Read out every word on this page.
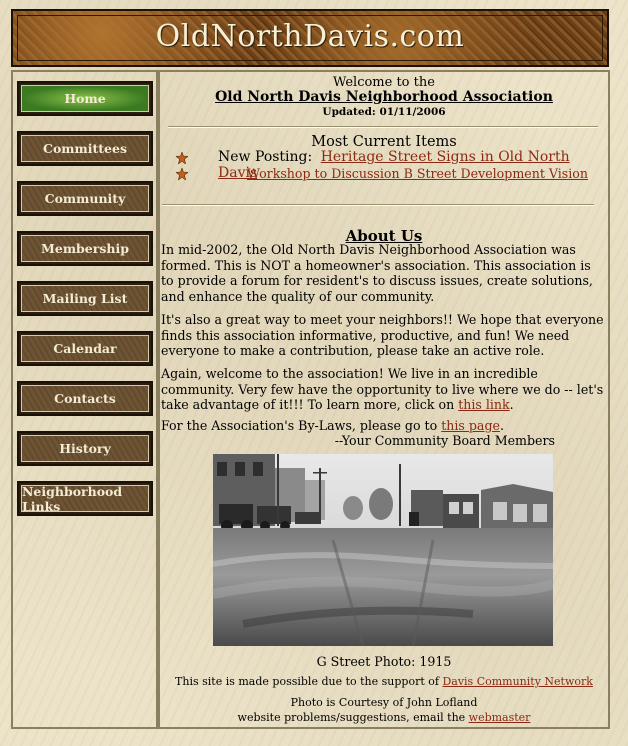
OldNorthDavis.com
Home
Committees
Community
Membership
Mailing List
Calendar
Contacts
History
Neighborhood Links
Welcome to the
Old North Davis Neighborhood Association
Updated: 01/11/2006
Most Current Items
New Posting: Heritage Street Signs in Old North Davis
Workshop to Discussion B Street Development Vision
About Us
In mid-2002, the Old North Davis Neighborhood Association was formed. This is NOT a homeowner's association. This association is to provide a forum for resident's to discuss issues, create solutions, and enhance the quality of our community.
It's also a great way to meet your neighbors!! We hope that everyone finds this association informative, productive, and fun! We need everyone to make a contribution, please take an active role.
Again, welcome to the association! We live in an incredible community. Very few have the opportunity to live where we do -- let's take advantage of it!!! To learn more, click on this link.
For the Association's By-Laws, please go to this page.
--Your Community Board Members
G Street Photo: 1915
This site is made possible due to the support of Davis Community Network
Photo is Courtesy of John Lofland
website problems/suggestions, email the webmaster
